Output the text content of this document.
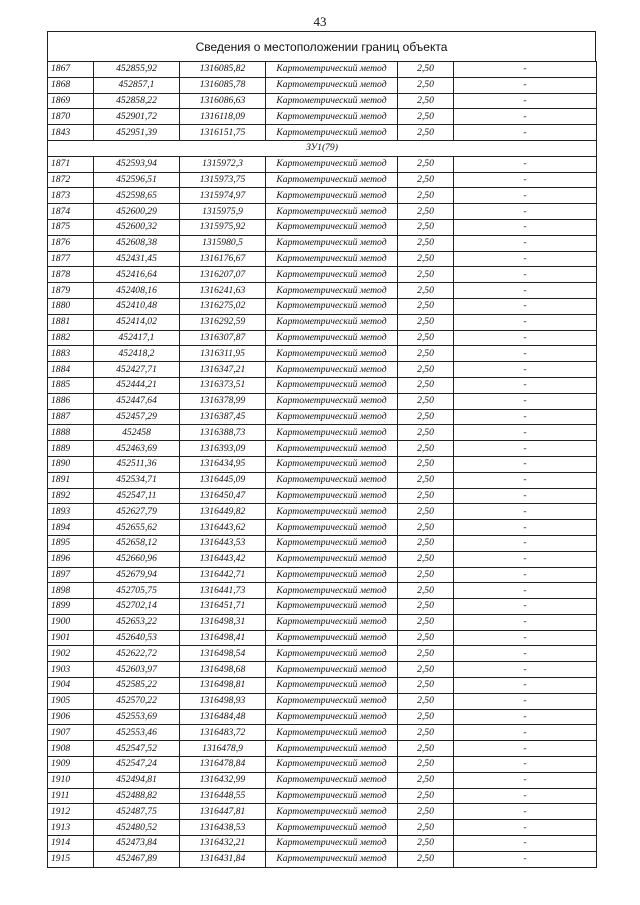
43
Сведения о местоположении границ объекта
1867	452855,92	1316085,82	Картометрический метод	2,50	-
1868	452857,1	1316085,78	Картометрический метод	2,50	-
1869	452858,22	1316086,63	Картометрический метод	2,50	-
1870	452901,72	1316118,09	Картометрический метод	2,50	-
1843	452951,39	1316151,75	Картометрический метод	2,50	-
ЗУ1(79)					
1871	452593,94	1315972,3	Картометрический метод	2,50	-
1872	452596,51	1315973,75	Картометрический метод	2,50	-
1873	452598,65	1315974,97	Картометрический метод	2,50	-
1874	452600,29	1315975,9	Картометрический метод	2,50	-
1875	452600,32	1315975,92	Картометрический метод	2,50	-
1876	452608,38	1315980,5	Картометрический метод	2,50	-
1877	452431,45	1316176,67	Картометрический метод	2,50	-
1878	452416,64	1316207,07	Картометрический метод	2,50	-
1879	452408,16	1316241,63	Картометрический метод	2,50	-
1880	452410,48	1316275,02	Картометрический метод	2,50	-
1881	452414,02	1316292,59	Картометрический метод	2,50	-
1882	452417,1	1316307,87	Картометрический метод	2,50	-
1883	452418,2	1316311,95	Картометрический метод	2,50	-
1884	452427,71	1316347,21	Картометрический метод	2,50	-
1885	452444,21	1316373,51	Картометрический метод	2,50	-
1886	452447,64	1316378,99	Картометрический метод	2,50	-
1887	452457,29	1316387,45	Картометрический метод	2,50	-
1888	452458	1316388,73	Картометрический метод	2,50	-
1889	452463,69	1316393,09	Картометрический метод	2,50	-
1890	452511,36	1316434,95	Картометрический метод	2,50	-
1891	452534,71	1316445,09	Картометрический метод	2,50	-
1892	452547,11	1316450,47	Картометрический метод	2,50	-
1893	452627,79	1316449,82	Картометрический метод	2,50	-
1894	452655,62	1316443,62	Картометрический метод	2,50	-
1895	452658,12	1316443,53	Картометрический метод	2,50	-
1896	452660,96	1316443,42	Картометрический метод	2,50	-
1897	452679,94	1316442,71	Картометрический метод	2,50	-
1898	452705,75	1316441,73	Картометрический метод	2,50	-
1899	452702,14	1316451,71	Картометрический метод	2,50	-
1900	452653,22	1316498,31	Картометрический метод	2,50	-
1901	452640,53	1316498,41	Картометрический метод	2,50	-
1902	452622,72	1316498,54	Картометрический метод	2,50	-
1903	452603,97	1316498,68	Картометрический метод	2,50	-
1904	452585,22	1316498,81	Картометрический метод	2,50	-
1905	452570,22	1316498,93	Картометрический метод	2,50	-
1906	452553,69	1316484,48	Картометрический метод	2,50	-
1907	452553,46	1316483,72	Картометрический метод	2,50	-
1908	452547,52	1316478,9	Картометрический метод	2,50	-
1909	452547,24	1316478,84	Картометрический метод	2,50	-
1910	452494,81	1316432,99	Картометрический метод	2,50	-
1911	452488,82	1316448,55	Картометрический метод	2,50	-
1912	452487,75	1316447,81	Картометрический метод	2,50	-
1913	452480,52	1316438,53	Картометрический метод	2,50	-
1914	452473,84	1316432,21	Картометрический метод	2,50	-
1915	452467,89	1316431,84	Картометрический метод	2,50	-
